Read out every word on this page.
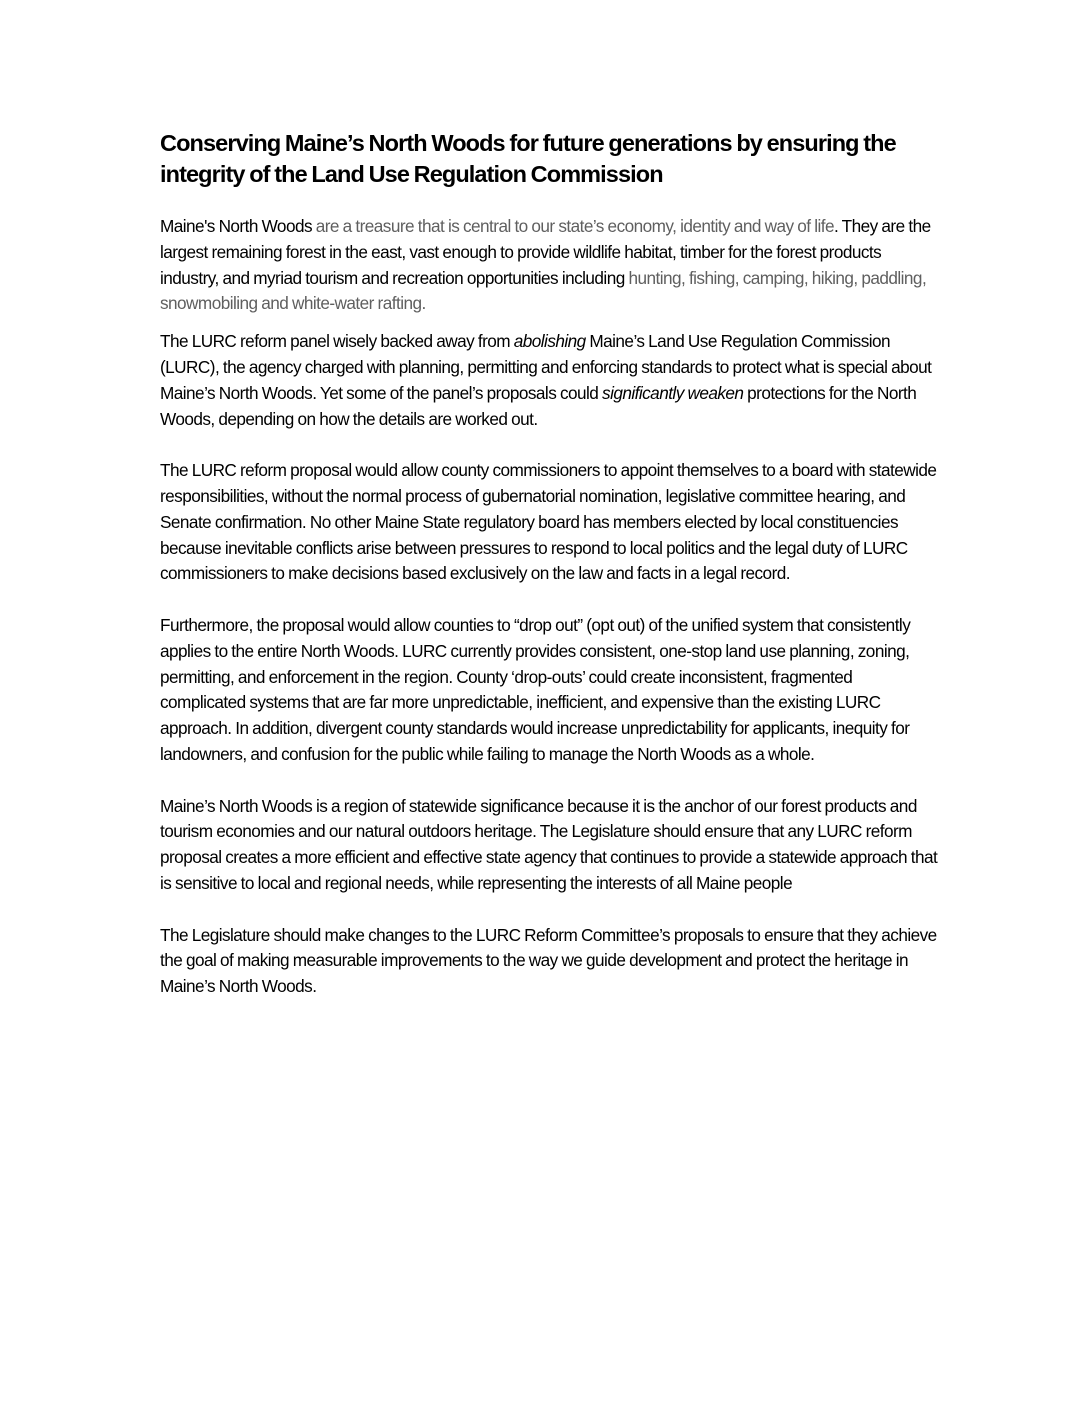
Conserving Maine’s North Woods for future generations by ensuring the integrity of the Land Use Regulation Commission

Maine's North Woods are a treasure that is central to our state’s economy, identity and way of life. They are the largest remaining forest in the east, vast enough to provide wildlife habitat, timber for the forest products industry, and myriad tourism and recreation opportunities including hunting, fishing, camping, hiking, paddling, snowmobiling and white-water rafting.

The LURC reform panel wisely backed away from abolishing Maine’s Land Use Regulation Commission (LURC), the agency charged with planning, permitting and enforcing standards to protect what is special about Maine’s North Woods. Yet some of the panel’s proposals could significantly weaken protections for the North Woods, depending on how the details are worked out.

The LURC reform proposal would allow county commissioners to appoint themselves to a board with statewide responsibilities, without the normal process of gubernatorial nomination, legislative committee hearing, and Senate confirmation. No other Maine State regulatory board has members elected by local constituencies because inevitable conflicts arise between pressures to respond to local politics and the legal duty of LURC commissioners to make decisions based exclusively on the law and facts in a legal record.

Furthermore, the proposal would allow counties to “drop out” (opt out) of the unified system that consistently applies to the entire North Woods. LURC currently provides consistent, one-stop land use planning, zoning, permitting, and enforcement in the region. County ‘drop-outs’ could create inconsistent, fragmented complicated systems that are far more unpredictable, inefficient, and expensive than the existing LURC approach. In addition, divergent county standards would increase unpredictability for applicants, inequity for landowners, and confusion for the public while failing to manage the North Woods as a whole.

Maine’s North Woods is a region of statewide significance because it is the anchor of our forest products and tourism economies and our natural outdoors heritage. The Legislature should ensure that any LURC reform proposal creates a more efficient and effective state agency that continues to provide a statewide approach that is sensitive to local and regional needs, while representing the interests of all Maine people

The Legislature should make changes to the LURC Reform Committee’s proposals to ensure that they achieve the goal of making measurable improvements to the way we guide development and protect the heritage in Maine’s North Woods.
